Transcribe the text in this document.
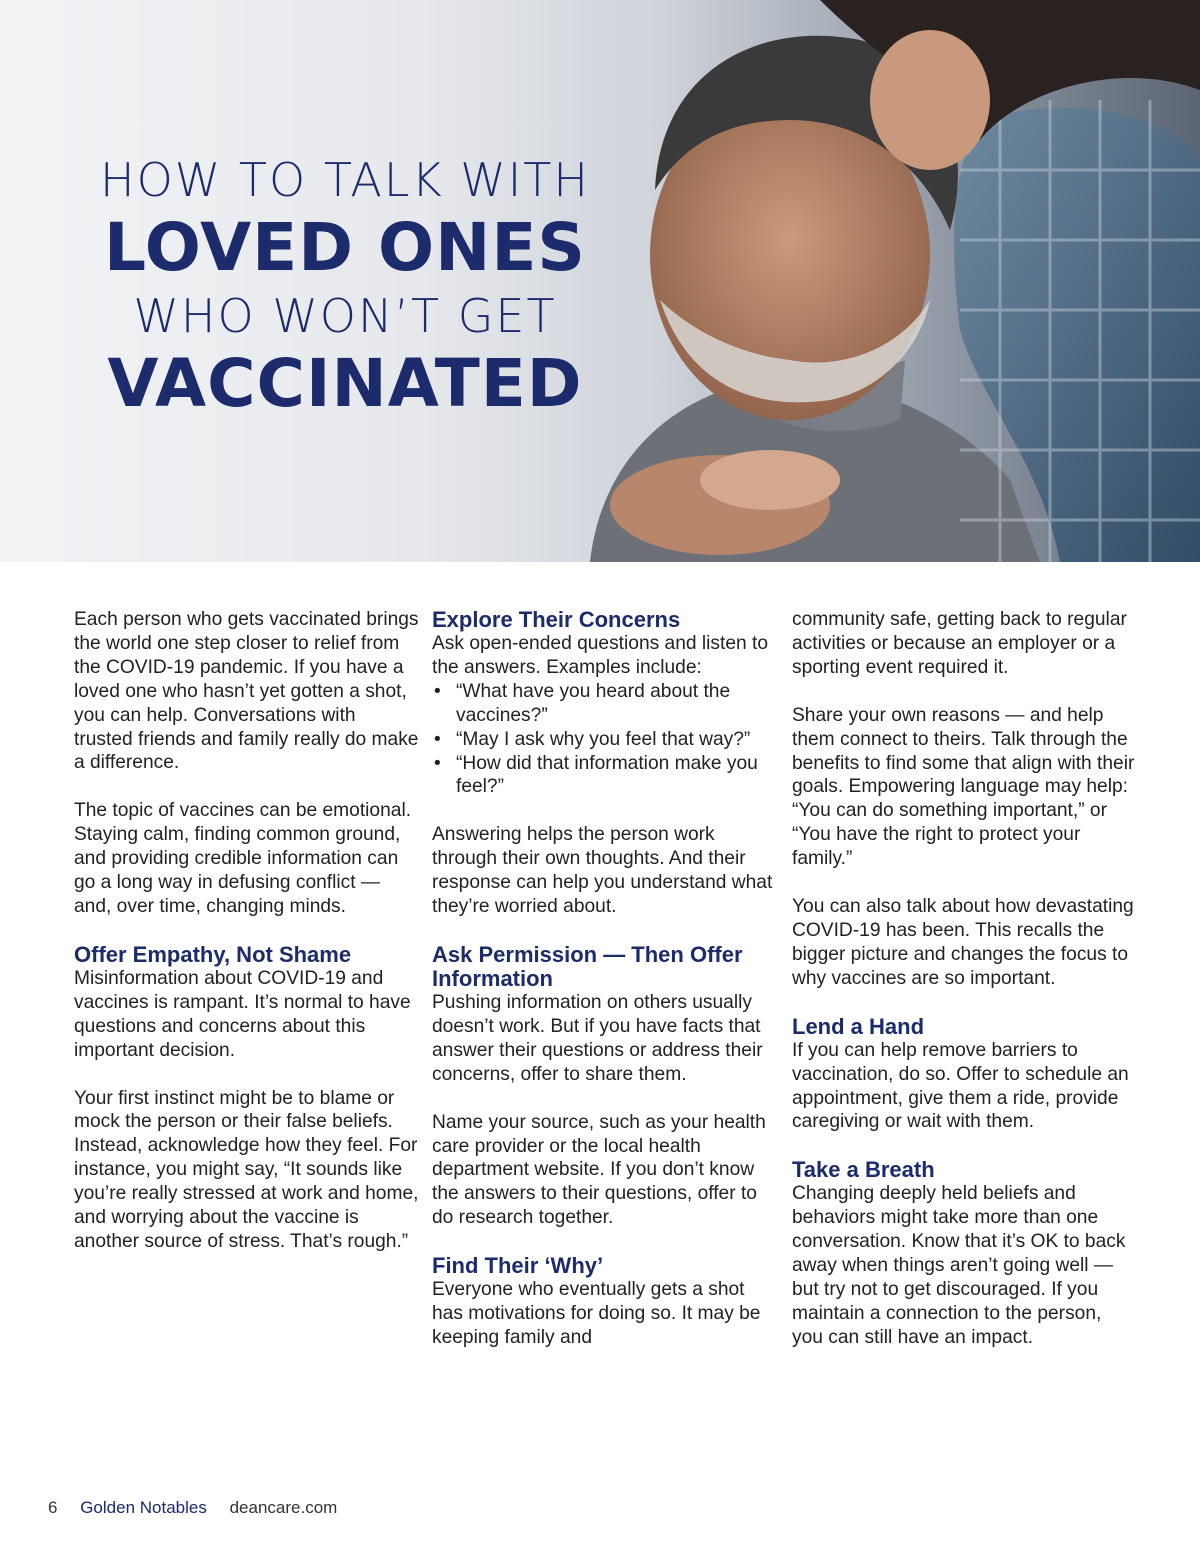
HOW TO TALK WITH
LOVED ONES
WHO WON’T GET
VACCINATED

Each person who gets vaccinated brings the world one step closer to relief from the COVID-19 pandemic. If you have a loved one who hasn’t yet gotten a shot, you can help. Conversations with trusted friends and family really do make a difference.

The topic of vaccines can be emotional. Staying calm, finding common ground, and providing credible information can go a long way in defusing conflict — and, over time, changing minds.

Offer Empathy, Not Shame

Misinformation about COVID-19 and vaccines is rampant. It’s normal to have questions and concerns about this important decision.

Your first instinct might be to blame or mock the person or their false beliefs. Instead, acknowledge how they feel. For instance, you might say, “It sounds like you’re really stressed at work and home, and worrying about the vaccine is another source of stress. That’s rough.”

Explore Their Concerns

Ask open-ended questions and listen to the answers. Examples include:

• “What have you heard about the vaccines?”
• “May I ask why you feel that way?”
• “How did that information make you feel?”

Answering helps the person work through their own thoughts. And their response can help you understand what they’re worried about.

Ask Permission — Then Offer Information

Pushing information on others usually doesn’t work. But if you have facts that answer their questions or address their concerns, offer to share them.

Name your source, such as your health care provider or the local health department website. If you don’t know the answers to their questions, offer to do research together.

Find Their ‘Why’

Everyone who eventually gets a shot has motivations for doing so. It may be keeping family and

community safe, getting back to regular activities or because an employer or a sporting event required it.

Share your own reasons — and help them connect to theirs. Talk through the benefits to find some that align with their goals. Empowering language may help: “You can do something important,” or “You have the right to protect your family.”

You can also talk about how devastating COVID-19 has been. This recalls the bigger picture and changes the focus to why vaccines are so important.

Lend a Hand

If you can help remove barriers to vaccination, do so. Offer to schedule an appointment, give them a ride, provide caregiving or wait with them.

Take a Breath

Changing deeply held beliefs and behaviors might take more than one conversation. Know that it’s OK to back away when things aren’t going well — but try not to get discouraged. If you maintain a connection to the person, you can still have an impact.

6 Golden Notables deancare.com
